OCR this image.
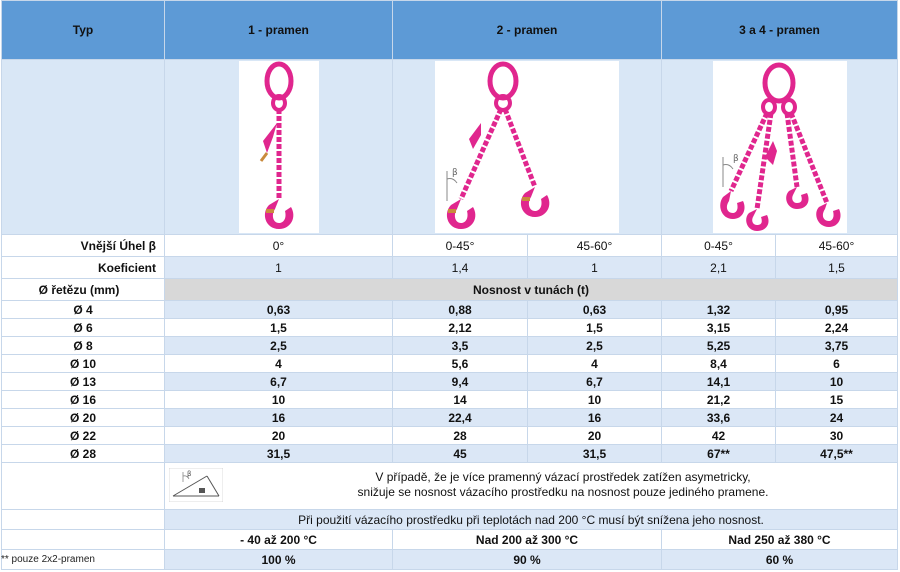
Typ	1 - pramen	2 - pramen		3 a 4 - pramen	

β		β	

Vnější Úhel β	0°	0-45°	45-60°	0-45°	45-60°
Koeficient	1	1,4	1	2,1	1,5
Ø řetězu (mm)	Nosnost v tunách (t)				
Ø 4	0,63	0,88	0,63	1,32	0,95
Ø 6	1,5	2,12	1,5	3,15	2,24
Ø 8	2,5	3,5	2,5	5,25	3,75
Ø 10	4	5,6	4	8,4	6
Ø 13	6,7	9,4	6,7	14,1	10
Ø 16	10	14	10	21,2	15
Ø 20	16	22,4	16	33,6	24
Ø 22	20	28	20	42	30
Ø 28	31,5	45	31,5	67**	47,5**

β V případě, že je více pramenný vázací prostředek zatížen asymetricky,
snižuje se nosnost vázacího prostředku na nosnost pouze jediného pramene.				

	Při použití vázacího prostředku při teplotách nad 200 °C musí být snížena jeho nosnost.				
	- 40 až 200 °C	Nad 200 až 300 °C		Nad 250 až 380 °C	
	100 %	90 %		60 %	
** pouze 2x2-pramen
